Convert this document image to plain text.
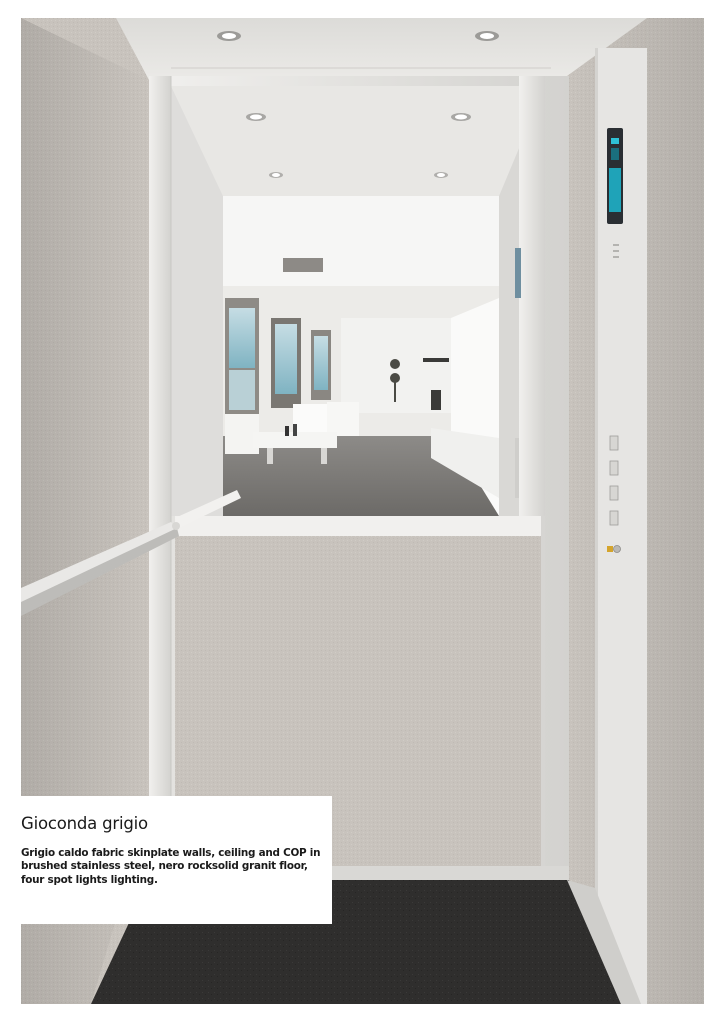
Gioconda grigio
Grigio caldo fabric skinplate walls, ceiling and COP in brushed stainless steel, nero rocksolid granit floor, four spot lights lighting.
